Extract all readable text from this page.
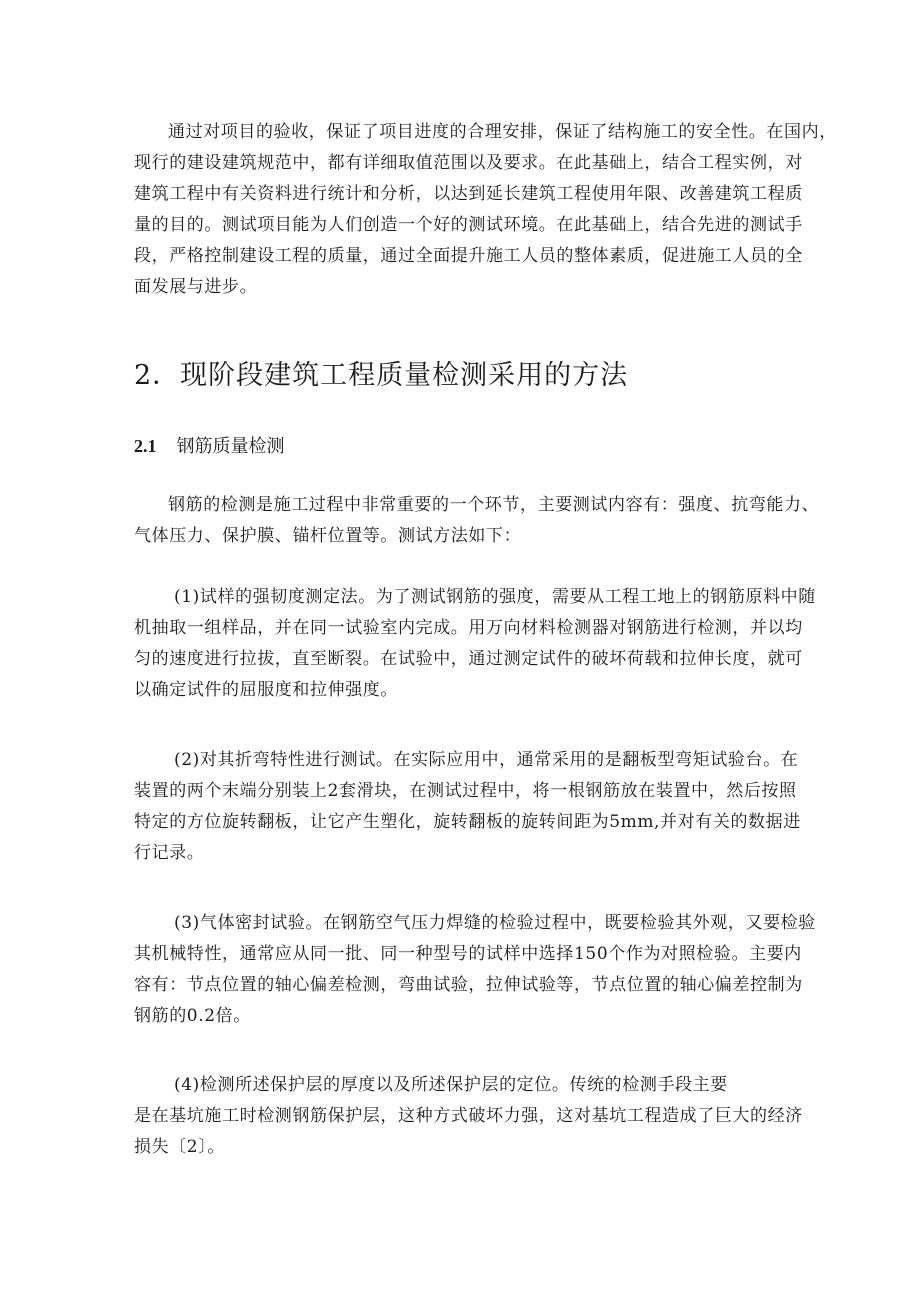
通过对项目的验收，保证了项目进度的合理安排，保证了结构施工的安全性。在国内，
现行的建设建筑规范中，都有详细取值范围以及要求。在此基础上，结合工程实例，对
建筑工程中有关资料进行统计和分析，以达到延长建筑工程使用年限、改善建筑工程质
量的目的。测试项目能为人们创造一个好的测试环境。在此基础上，结合先进的测试手
段，严格控制建设工程的质量，通过全面提升施工人员的整体素质，促进施工人员的全
面发展与进步。
2．现阶段建筑工程质量检测采用的方法
2.1 钢筋质量检测
钢筋的检测是施工过程中非常重要的一个环节，主要测试内容有：强度、抗弯能力、
气体压力、保护膜、锚杆位置等。测试方法如下：
(1)试样的强韧度测定法。为了测试钢筋的强度，需要从工程工地上的钢筋原料中随
机抽取一组样品，并在同一试验室内完成。用万向材料检测器对钢筋进行检测，并以均
匀的速度进行拉拔，直至断裂。在试验中，通过测定试件的破坏荷载和拉伸长度，就可
以确定试件的屈服度和拉伸强度。
(2)对其折弯特性进行测试。在实际应用中，通常采用的是翻板型弯矩试验台。在
装置的两个末端分别装上2套滑块，在测试过程中，将一根钢筋放在装置中，然后按照
特定的方位旋转翻板，让它产生塑化，旋转翻板的旋转间距为5mm,并对有关的数据进
行记录。
(3)气体密封试验。在钢筋空气压力焊缝的检验过程中，既要检验其外观，又要检验
其机械特性，通常应从同一批、同一种型号的试样中选择150个作为对照检验。主要内
容有：节点位置的轴心偏差检测，弯曲试验，拉伸试验等，节点位置的轴心偏差控制为
钢筋的0.2倍。
(4)检测所述保护层的厚度以及所述保护层的定位。传统的检测手段主要
是在基坑施工时检测钢筋保护层，这种方式破坏力强，这对基坑工程造成了巨大的经济
损失〔2〕。
